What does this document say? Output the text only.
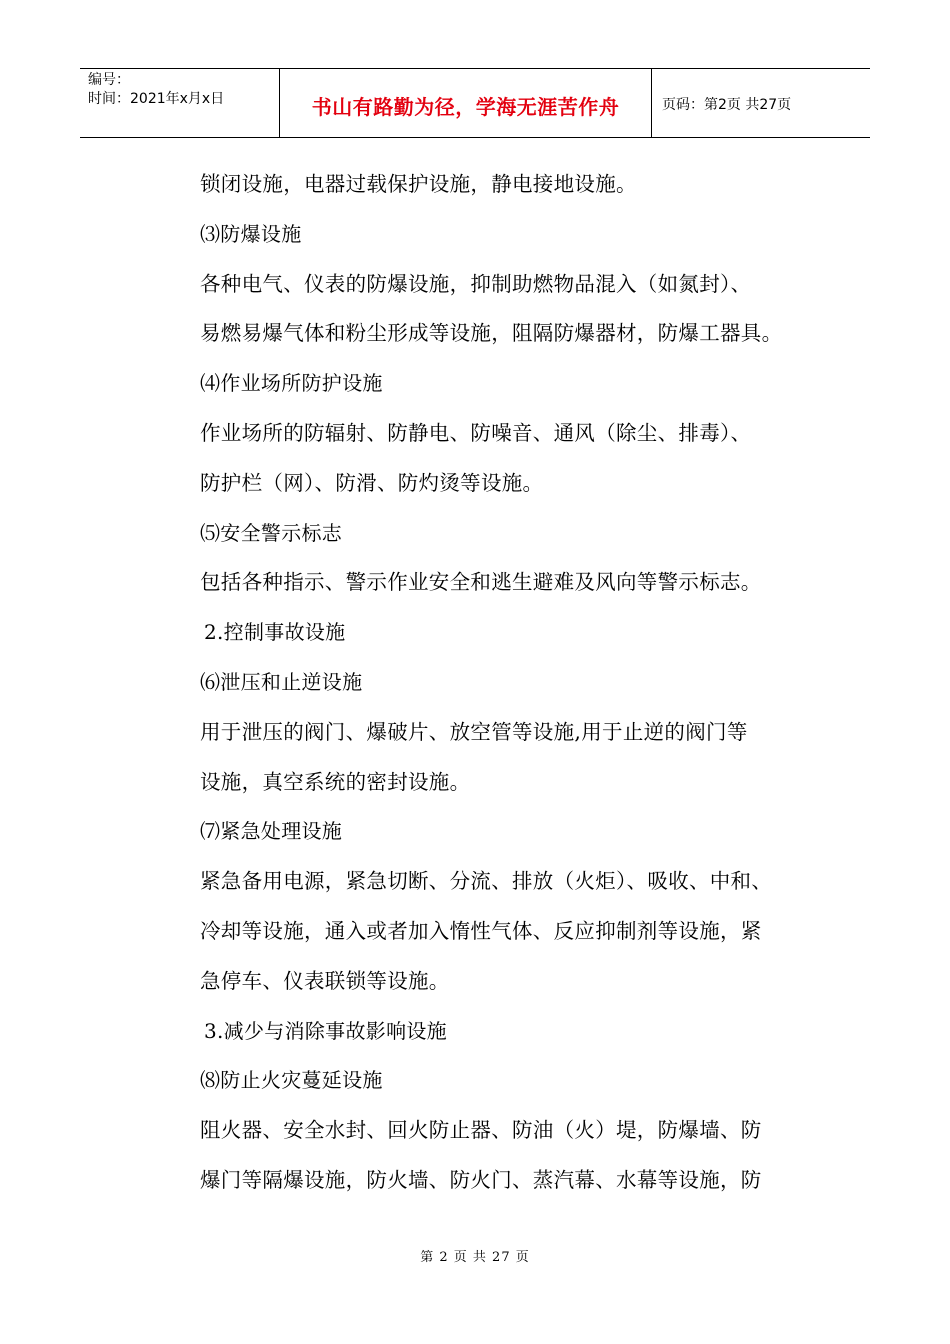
编号：
时间：2021年x月x日	书山有路勤为径，学海无涯苦作舟	页码：第2页 共27页
锁闭设施，电器过载保护设施，静电接地设施。
⑶防爆设施
各种电气、仪表的防爆设施，抑制助燃物品混入（如氮封）、
易燃易爆气体和粉尘形成等设施，阻隔防爆器材，防爆工器具。
⑷作业场所防护设施
作业场所的防辐射、防静电、防噪音、通风（除尘、排毒）、
防护栏（网）、防滑、防灼烫等设施。
⑸安全警示标志
包括各种指示、警示作业安全和逃生避难及风向等警示标志。
2.控制事故设施
⑹泄压和止逆设施
用于泄压的阀门、爆破片、放空管等设施,用于止逆的阀门等
设施，真空系统的密封设施。
⑺紧急处理设施
紧急备用电源，紧急切断、分流、排放（火炬）、吸收、中和、
冷却等设施，通入或者加入惰性气体、反应抑制剂等设施，紧
急停车、仪表联锁等设施。
3.减少与消除事故影响设施
⑻防止火灾蔓延设施
阻火器、安全水封、回火防止器、防油（火）堤，防爆墙、防
爆门等隔爆设施，防火墙、防火门、蒸汽幕、水幕等设施，防
第 2 页 共 27 页
